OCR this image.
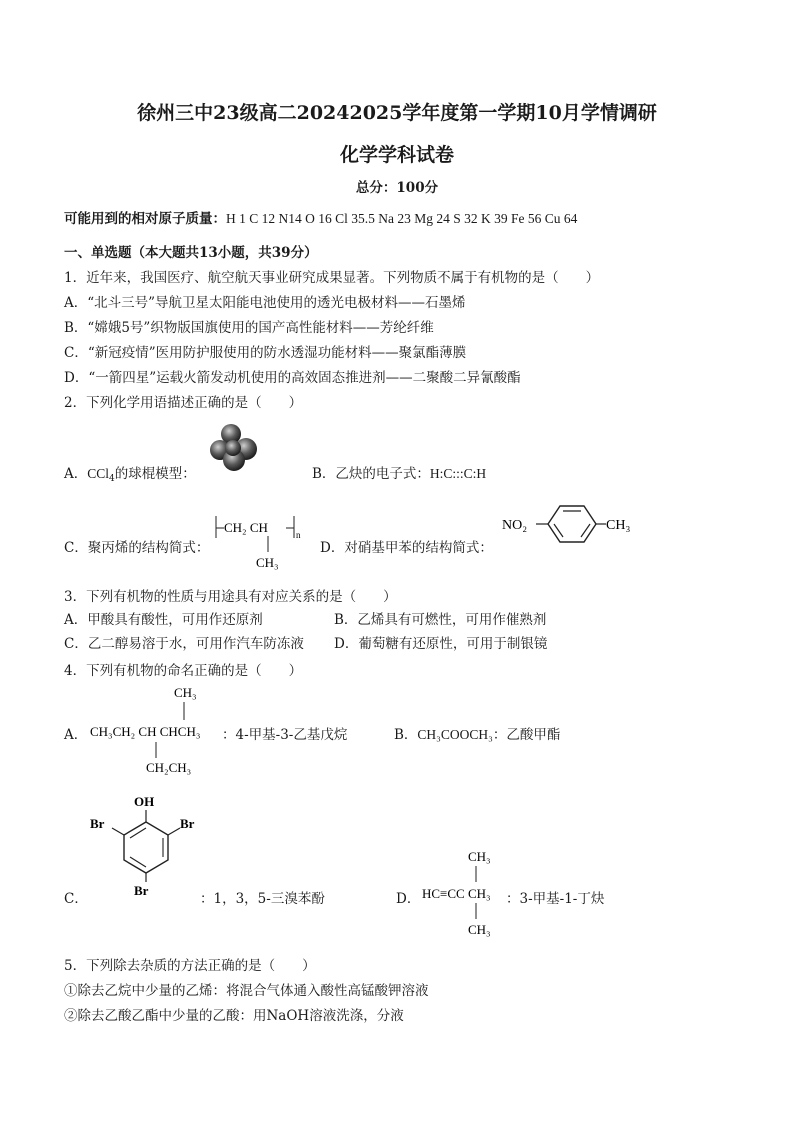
徐州三中23级高二20242025学年度第一学期10月学情调研
化学学科试卷
总分：100分
可能用到的相对原子质量：H 1 C 12 N14 O 16 Cl 35.5 Na 23 Mg 24 S 32 K 39 Fe 56 Cu 64
一、单选题（本大题共13小题，共39分）
1．近年来，我国医疗、航空航天事业研究成果显著。下列物质不属于有机物的是（　　）
A．“北斗三号”导航卫星太阳能电池使用的透光电极材料——石墨烯
B．“嫦娥5号”织物版国旗使用的国产高性能材料——芳纶纤维
C．“新冠疫情”医用防护服使用的防水透湿功能材料——聚氯酯薄膜
D．“一箭四星”运载火箭发动机使用的高效固态推进剂——二聚酸二异氰酸酯
2．下列化学用语描述正确的是（　　）
A．CCl$_4$的球棍模型：	B．乙炔的电子式：H:C:::C:H
C．聚丙烯的结构简式：
CH₂ CH	n
CH₃
D．对硝基甲苯的结构简式：
NO₂	CH₃
3．下列有机物的性质与用途具有对应关系的是（　　）
A．甲酸具有酸性，可用作还原剂	B．乙烯具有可燃性，可用作催熟剂
C．乙二醇易溶于水，可用作汽车防冻液 D．葡萄糖有还原性，可用于制银镜
4．下列有机物的命名正确的是（　　）
A．
CH₃
CH₃CH₂ CH CHCH₃
CH₂CH₃
：4-甲基-3-乙基戊烷	B．CH₃COOCH₃：乙酸甲酯
C．
OH
Br
Br
Br
：1，3，5-三溴苯酚	D．
CH₃
HC≡CC CH₃
CH₃
：3-甲基-1-丁炔
5．下列除去杂质的方法正确的是（　　）
①除去乙烷中少量的乙烯：将混合气体通入酸性高锰酸钾溶液
②除去乙酸乙酯中少量的乙酸：用NaOH溶液洗涤，分液
